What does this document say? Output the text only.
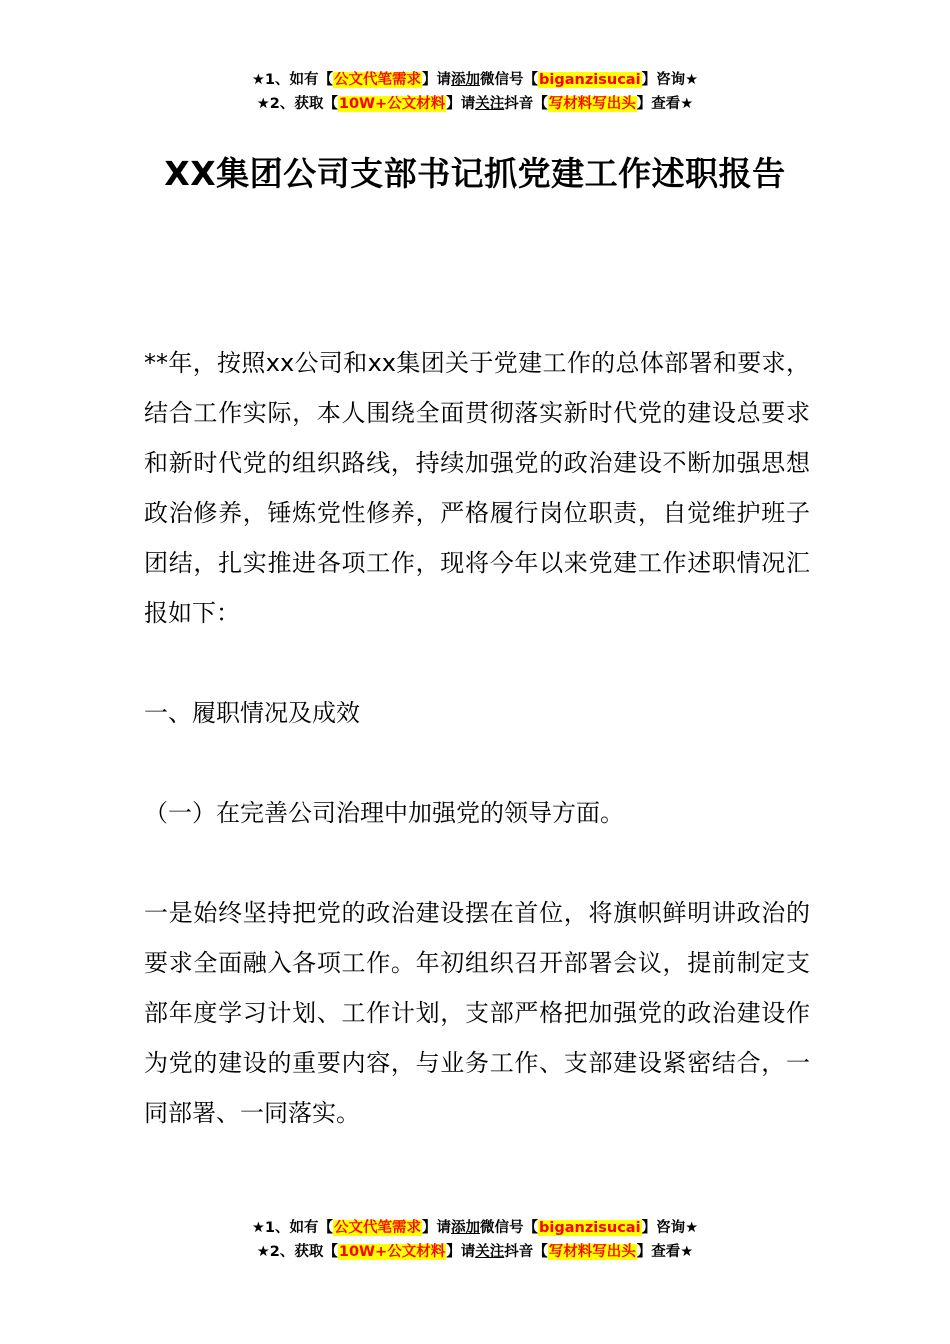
★1、如有【公文代笔需求】请添加微信号【biganzisucai】咨询★
★2、获取【10W+公文材料】请关注抖音【写材料写出头】查看★
XX集团公司支部书记抓党建工作述职报告

**年，按照xx公司和xx集团关于党建工作的总体部署和要求，结合工作实际，本人围绕全面贯彻落实新时代党的建设总要求和新时代党的组织路线，持续加强党的政治建设不断加强思想政治修养，锤炼党性修养，严格履行岗位职责，自觉维护班子团结，扎实推进各项工作，现将今年以来党建工作述职情况汇报如下：

一、履职情况及成效

（一）在完善公司治理中加强党的领导方面。

一是始终坚持把党的政治建设摆在首位，将旗帜鲜明讲政治的要求全面融入各项工作。年初组织召开部署会议，提前制定支部年度学习计划、工作计划，支部严格把加强党的政治建设作为党的建设的重要内容，与业务工作、支部建设紧密结合，一同部署、一同落实。

★1、如有【公文代笔需求】请添加微信号【biganzisucai】咨询★
★2、获取【10W+公文材料】请关注抖音【写材料写出头】查看★
